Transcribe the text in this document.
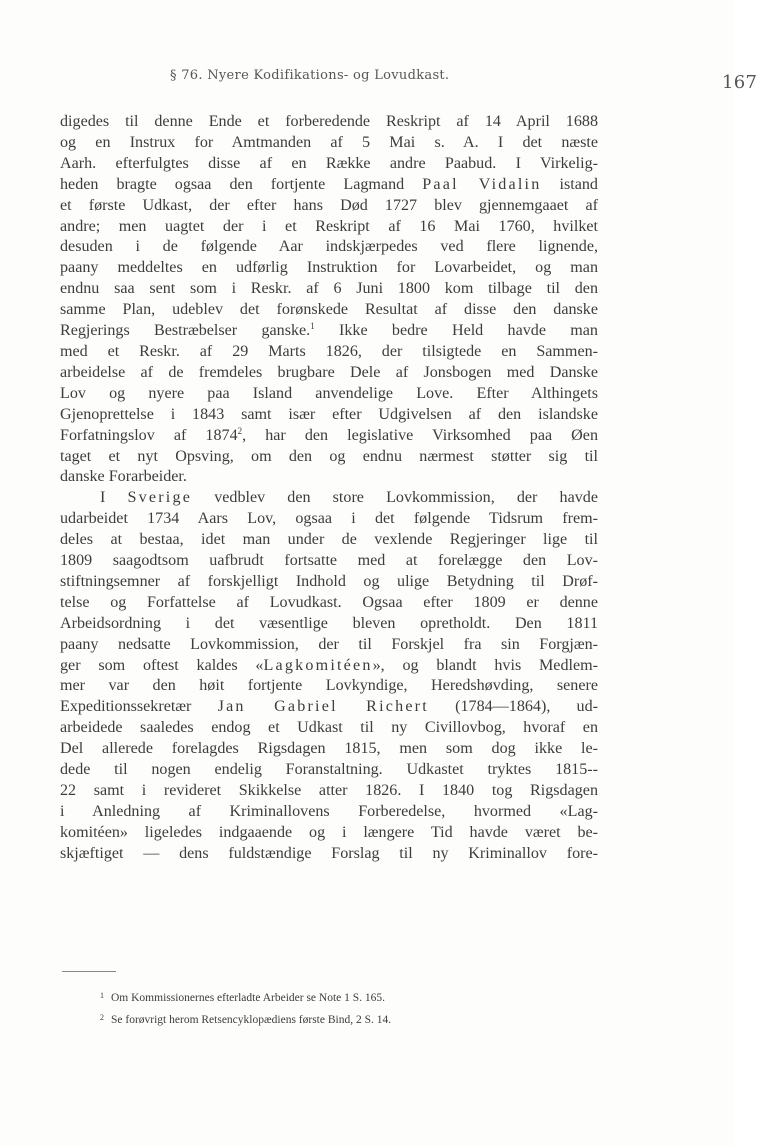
§ 76. Nyere Kodifikations- og Lovudkast.	167
digedes til denne Ende et forberedende Reskript af 14 April 1688
og en Instrux for Amtmanden af 5 Mai s. A. I det næste
Aarh. efterfulgtes disse af en Række andre Paabud. I Virkelig-
heden bragte ogsaa den fortjente Lagmand Paal Vidalin istand
et første Udkast, der efter hans Død 1727 blev gjennemgaaet af
andre; men uagtet der i et Reskript af 16 Mai 1760, hvilket
desuden i de følgende Aar indskjærpedes ved flere lignende,
paany meddeltes en udførlig Instruktion for Lovarbeidet, og man
endnu saa sent som i Reskr. af 6 Juni 1800 kom tilbage til den
samme Plan, udeblev det forønskede Resultat af disse den danske
Regjerings Bestræbelser ganske.$^1$ Ikke bedre Held havde man
med et Reskr. af 29 Marts 1826, der tilsigtede en Sammen-
arbeidelse af de fremdeles brugbare Dele af Jonsbogen med Danske
Lov og nyere paa Island anvendelige Love. Efter Althingets
Gjenoprettelse i 1843 samt især efter Udgivelsen af den islandske
Forfatningslov af 1874$^2$, har den legislative Virksomhed paa Øen
taget et nyt Opsving, om den og endnu nærmest støtter sig til
danske Forarbeider.
I Sverige vedblev den store Lovkommission, der havde
udarbeidet 1734 Aars Lov, ogsaa i det følgende Tidsrum frem-
deles at bestaa, idet man under de vexlende Regjeringer lige til
1809 saagodtsom uafbrudt fortsatte med at forelægge den Lov-
stiftningsemner af forskjelligt Indhold og ulige Betydning til Drøf-
telse og Forfattelse af Lovudkast. Ogsaa efter 1809 er denne
Arbeidsordning i det væsentlige bleven opretholdt. Den 1811
paany nedsatte Lovkommission, der til Forskjel fra sin Forgjæn-
ger som oftest kaldes «Lagkomitéen», og blandt hvis Medlem-
mer var den høit fortjente Lovkyndige, Heredshøvding, senere
Expeditionssekretær Jan Gabriel Richert (1784—1864), ud-
arbeidede saaledes endog et Udkast til ny Civillovbog, hvoraf en
Del allerede forelagdes Rigsdagen 1815, men som dog ikke le-
dede til nogen endelig Foranstaltning. Udkastet tryktes 1815--
22 samt i revideret Skikkelse atter 1826. I 1840 tog Rigsdagen
i Anledning af Kriminallovens Forberedelse, hvormed «Lag-
komitéen» ligeledes indgaaende og i længere Tid havde været be-
skjæftiget — dens fuldstændige Forslag til ny Kriminallov fore-
$^1$ Om Kommissionernes efterladte Arbeider se Note 1 S. 165.
$^2$ Se forøvrigt herom Retsencyklopædiens første Bind, 2 S. 14.
